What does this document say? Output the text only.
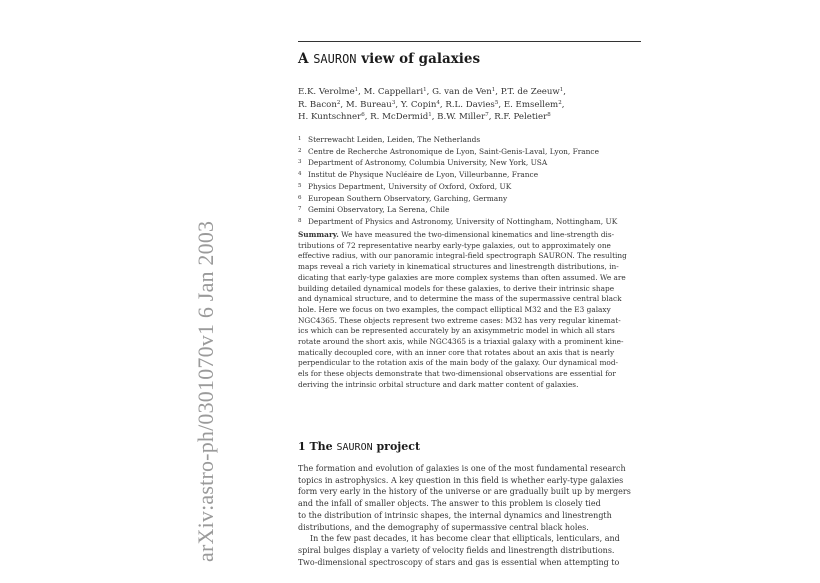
arXiv:astro-ph/0301070v1 6 Jan 2003
A SAURON view of galaxies
E.K. Verolme$^1$, M. Cappellari$^1$, G. van de Ven$^1$, P.T. de Zeeuw$^1$,
R. Bacon$^2$, M. Bureau$^3$, Y. Copin$^4$, R.L. Davies$^5$, E. Emsellem$^2$,
H. Kuntschner$^6$, R. McDermid$^1$, B.W. Miller$^7$, R.F. Peletier$^8$
1 Sterrewacht Leiden, Leiden, The Netherlands
2 Centre de Recherche Astronomique de Lyon, Saint-Genis-Laval, Lyon, France
3 Department of Astronomy, Columbia University, New York, USA
4 Institut de Physique Nucléaire de Lyon, Villeurbanne, France
5 Physics Department, University of Oxford, Oxford, UK
6 European Southern Observatory, Garching, Germany
7 Gemini Observatory, La Serena, Chile
8 Department of Physics and Astronomy, University of Nottingham, Nottingham, UK
Summary. We have measured the two-dimensional kinematics and line-strength dis-
tributions of 72 representative nearby early-type galaxies, out to approximately one
effective radius, with our panoramic integral-field spectrograph SAURON. The resulting
maps reveal a rich variety in kinematical structures and linestrength distributions, in-
dicating that early-type galaxies are more complex systems than often assumed. We are
building detailed dynamical models for these galaxies, to derive their intrinsic shape
and dynamical structure, and to determine the mass of the supermassive central black
hole. Here we focus on two examples, the compact elliptical M32 and the E3 galaxy
NGC4365. These objects represent two extreme cases: M32 has very regular kinemat-
ics which can be represented accurately by an axisymmetric model in which all stars
rotate around the short axis, while NGC4365 is a triaxial galaxy with a prominent kine-
matically decoupled core, with an inner core that rotates about an axis that is nearly
perpendicular to the rotation axis of the main body of the galaxy. Our dynamical mod-
els for these objects demonstrate that two-dimensional observations are essential for
deriving the intrinsic orbital structure and dark matter content of galaxies.
1 The SAURON project
The formation and evolution of galaxies is one of the most fundamental research
topics in astrophysics. A key question in this field is whether early-type galaxies
form very early in the history of the universe or are gradually built up by mergers
and the infall of smaller objects. The answer to this problem is closely tied
to the distribution of intrinsic shapes, the internal dynamics and linestrength
distributions, and the demography of supermassive central black holes.
In the few past decades, it has become clear that ellipticals, lenticulars, and
spiral bulges display a variety of velocity fields and linestrength distributions.
Two-dimensional spectroscopy of stars and gas is essential when attempting to
